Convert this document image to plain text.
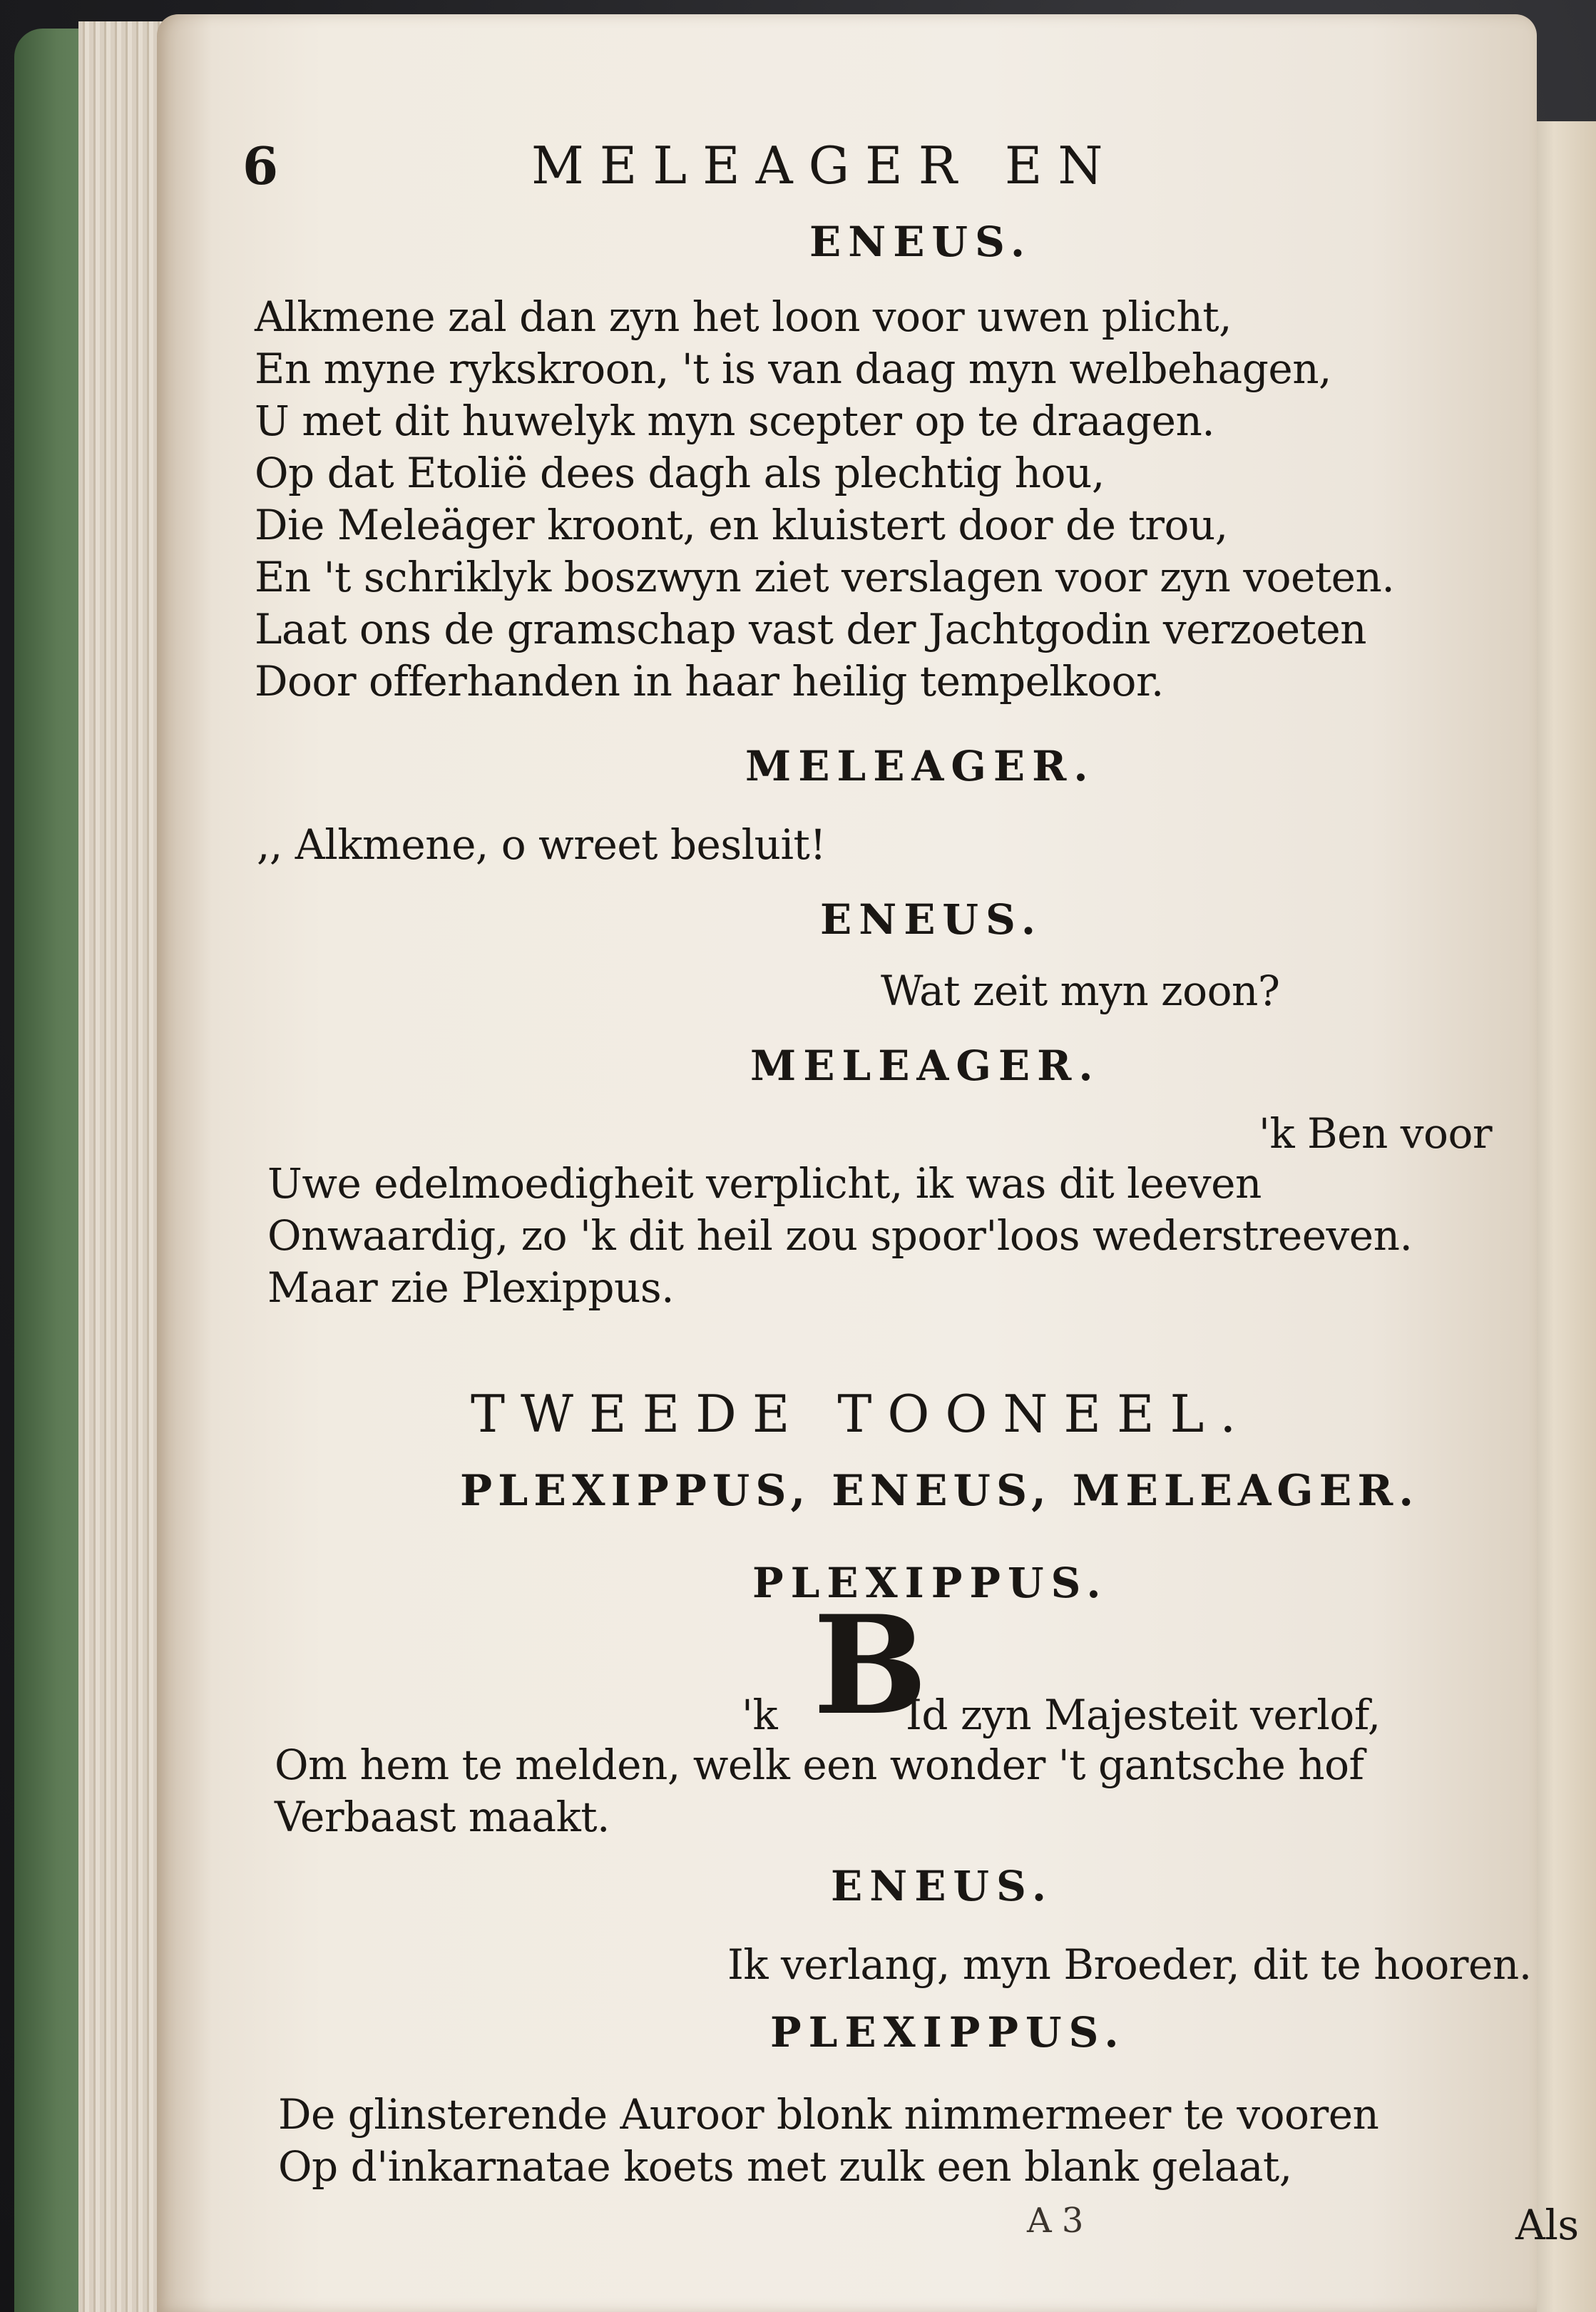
6	MELEAGER EN
ENEUS.
Alkmene zal dan zyn het loon voor uwen plicht,
En myne rykskroon, 't is van daag myn welbehagen,
U met dit huwelyk myn scepter op te draagen.
Op dat Etolië dees dagh als plechtig hou,
Die Meleäger kroont, en kluistert door de trou,
En 't schriklyk boszwyn ziet verslagen voor zyn voeten.
Laat ons de gramschap vast der Jachtgodin verzoeten
Door offerhanden in haar heilig tempelkoor.
MELEAGER.
,, Alkmene, o wreet besluit!
ENEUS.
Wat zeit myn zoon?
MELEAGER.
'k Ben voor
Uwe edelmoedigheit verplicht, ik was dit leeven
Onwaardig, zo 'k dit heil zou spoor'loos wederstreeven.
Maar zie Plexippus.
TWEEDE TOONEEL.
PLEXIPPUS, ENEUS, MELEAGER.
PLEXIPPUS.
'k B
Id zyn Majesteit verlof,
Om hem te melden, welk een wonder 't gantsche hof
Verbaast maakt.
ENEUS.
Ik verlang, myn Broeder, dit te hooren.
PLEXIPPUS.
De glinsterende Auroor blonk nimmermeer te vooren
Op d'inkarnatae koets met zulk een blank gelaat,
A 3	Als
